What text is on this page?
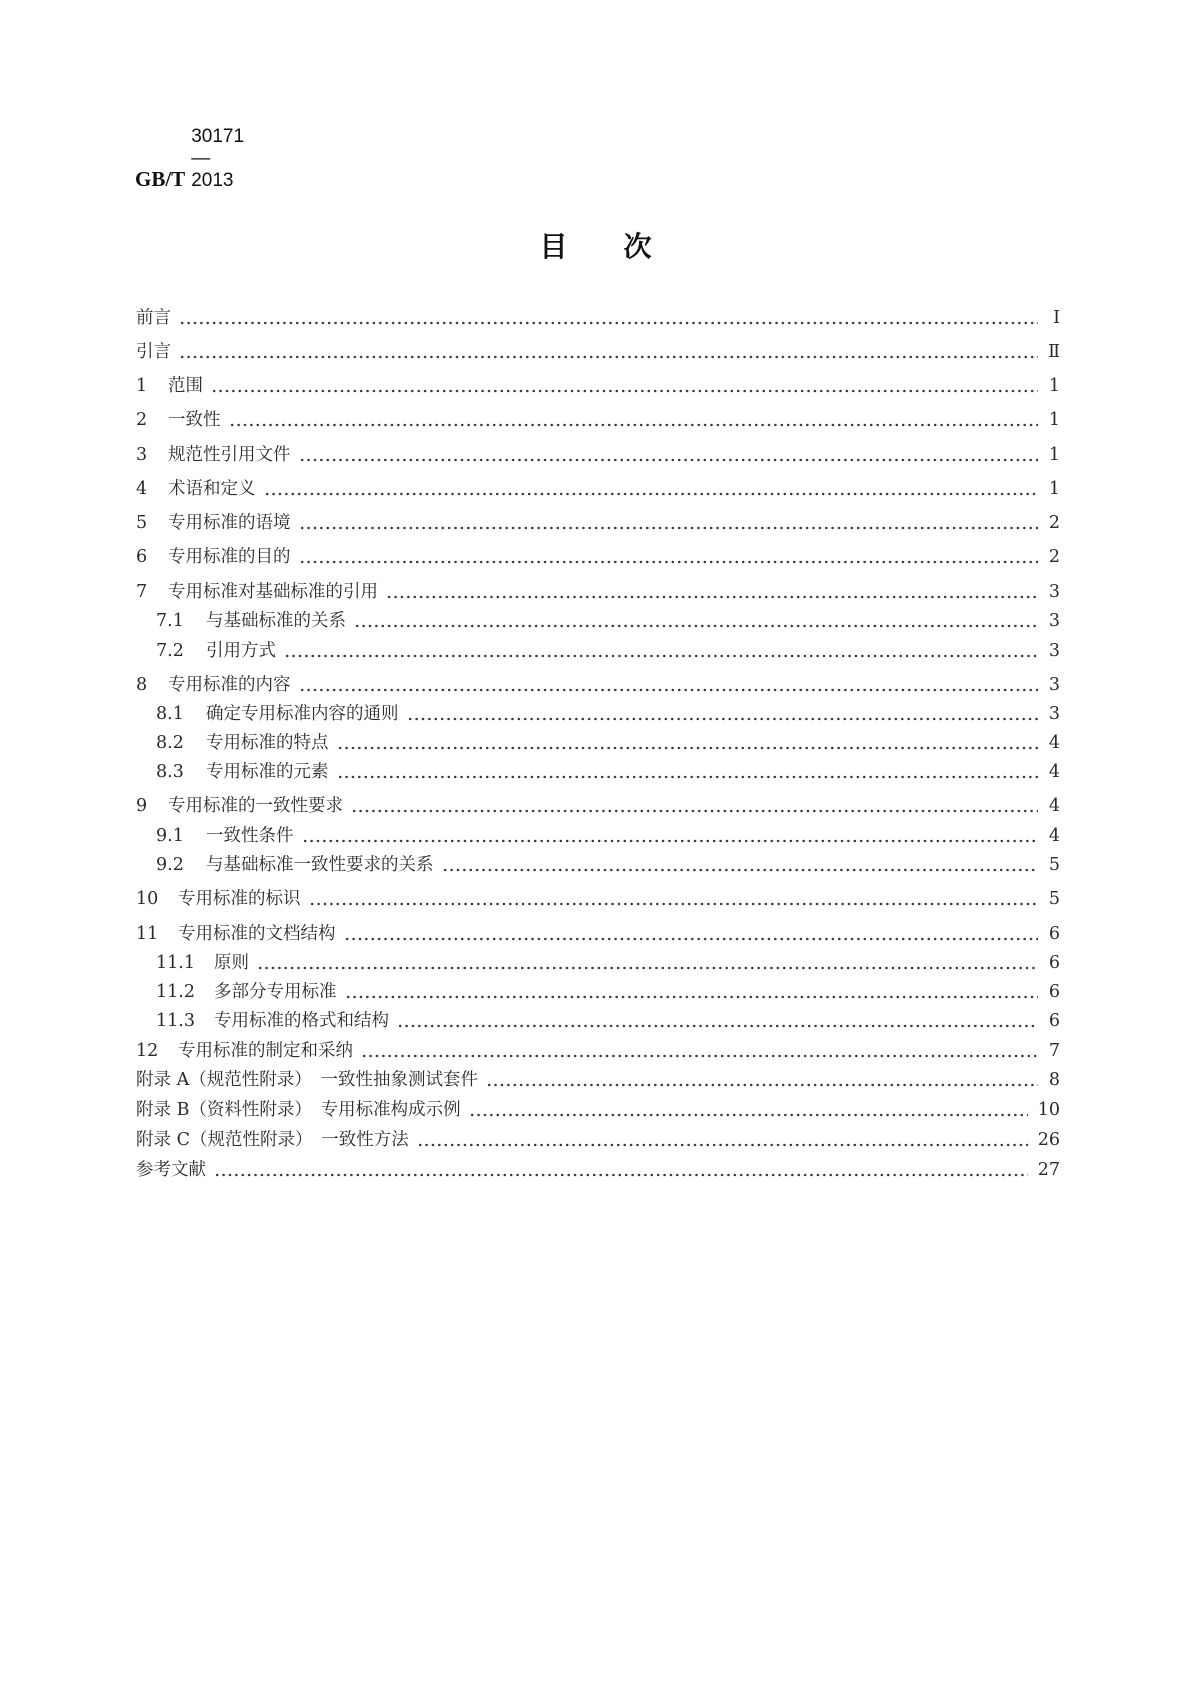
GB/T 30171—2013
目次
前言	Ⅰ
引言	Ⅱ
1	范围	1
2	一致性	1
3	规范性引用文件	1
4	术语和定义	1
5	专用标准的语境	2
6	专用标准的目的	2
7	专用标准对基础标准的引用	3
7.1	与基础标准的关系	3
7.2	引用方式	3
8	专用标准的内容	3
8.1	确定专用标准内容的通则	3
8.2	专用标准的特点	4
8.3	专用标准的元素	4
9	专用标准的一致性要求	4
9.1	一致性条件	4
9.2	与基础标准一致性要求的关系	5
10	专用标准的标识	5
11	专用标准的文档结构	6
11.1	原则	6
11.2	多部分专用标准	6
11.3	专用标准的格式和结构	6
12	专用标准的制定和采纳	7
附录 A（规范性附录）　一致性抽象测试套件	8
附录 B（资料性附录）　专用标准构成示例	10
附录 C（规范性附录）　一致性方法	26
参考文献	27
